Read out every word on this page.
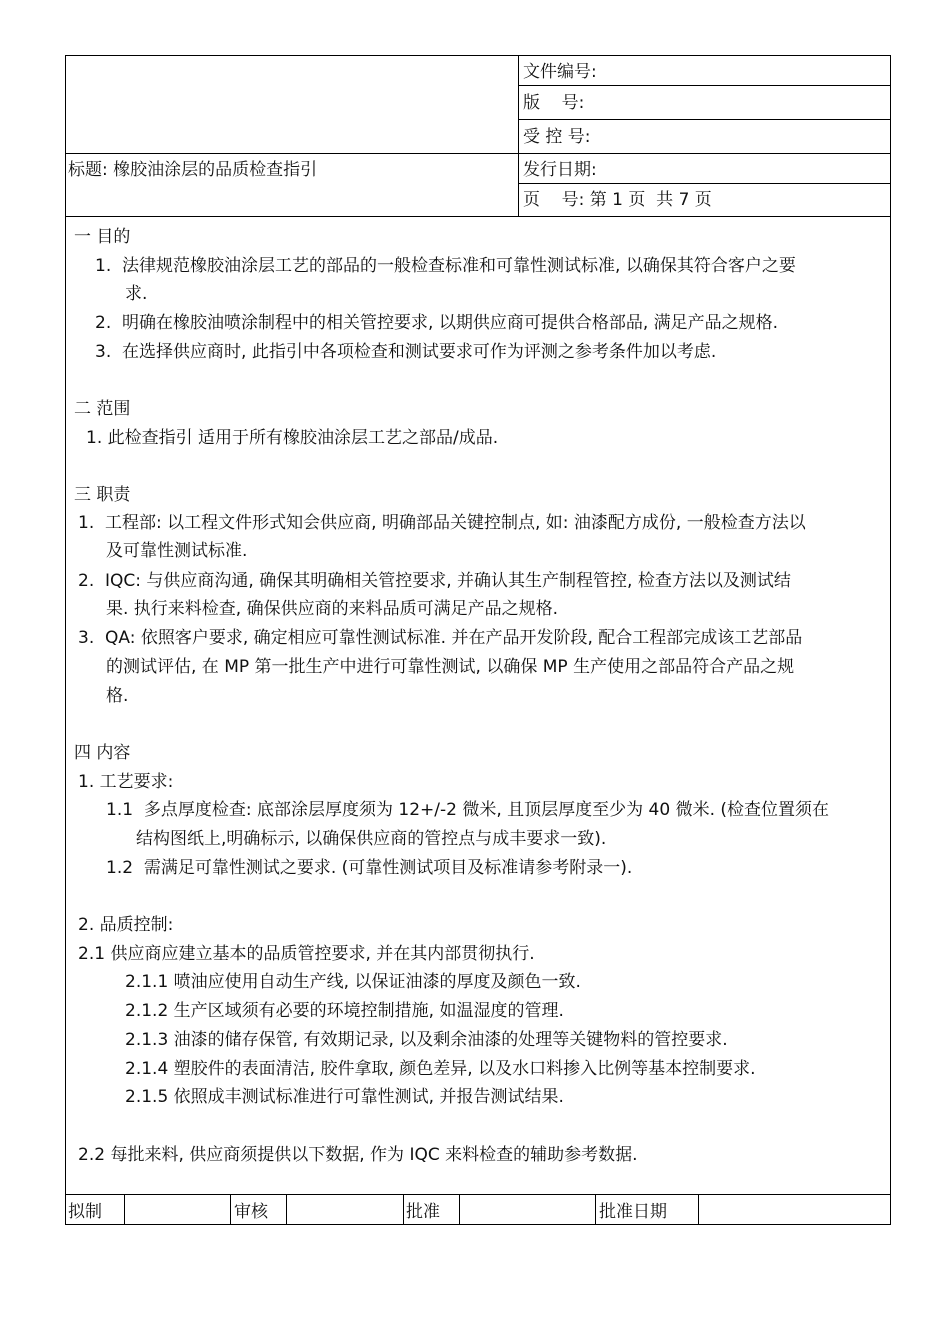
文件编号:
版    号:
受 控 号:
标题: 橡胶油涂层的品质检查指引	发行日期:
页    号: 第 1 页  共 7 页
一 目的
1.  法律规范橡胶油涂层工艺的部品的一般检查标准和可靠性测试标准, 以确保其符合客户之要
求.
2.  明确在橡胶油喷涂制程中的相关管控要求, 以期供应商可提供合格部品, 满足产品之规格.
3.  在选择供应商时, 此指引中各项检查和测试要求可作为评测之参考条件加以考虑.
二 范围
1. 此检查指引 适用于所有橡胶油涂层工艺之部品/成品.
三 职责
1.  工程部: 以工程文件形式知会供应商, 明确部品关键控制点, 如: 油漆配方成份, 一般检查方法以
及可靠性测试标准.
2.  IQC: 与供应商沟通, 确保其明确相关管控要求, 并确认其生产制程管控, 检查方法以及测试结
果. 执行来料检查, 确保供应商的来料品质可满足产品之规格.
3.  QA: 依照客户要求, 确定相应可靠性测试标准. 并在产品开发阶段, 配合工程部完成该工艺部品
的测试评估, 在 MP 第一批生产中进行可靠性测试, 以确保 MP 生产使用之部品符合产品之规
格.
四 内容
1. 工艺要求:
1.1  多点厚度检查: 底部涂层厚度须为 12+/-2 微米, 且顶层厚度至少为 40 微米. (检查位置须在
结构图纸上,明确标示, 以确保供应商的管控点与成丰要求一致).
1.2  需满足可靠性测试之要求. (可靠性测试项目及标准请参考附录一).
2. 品质控制:
2.1 供应商应建立基本的品质管控要求, 并在其内部贯彻执行.
2.1.1 喷油应使用自动生产线, 以保证油漆的厚度及颜色一致.
2.1.2 生产区域须有必要的环境控制措施, 如温湿度的管理.
2.1.3 油漆的储存保管, 有效期记录, 以及剩余油漆的处理等关键物料的管控要求.
2.1.4 塑胶件的表面清洁, 胶件拿取, 颜色差异, 以及水口料掺入比例等基本控制要求.
2.1.5 依照成丰测试标准进行可靠性测试, 并报告测试结果.
2.2 每批来料, 供应商须提供以下数据, 作为 IQC 来料检查的辅助参考数据.
拟制	审核	批准	批准日期
